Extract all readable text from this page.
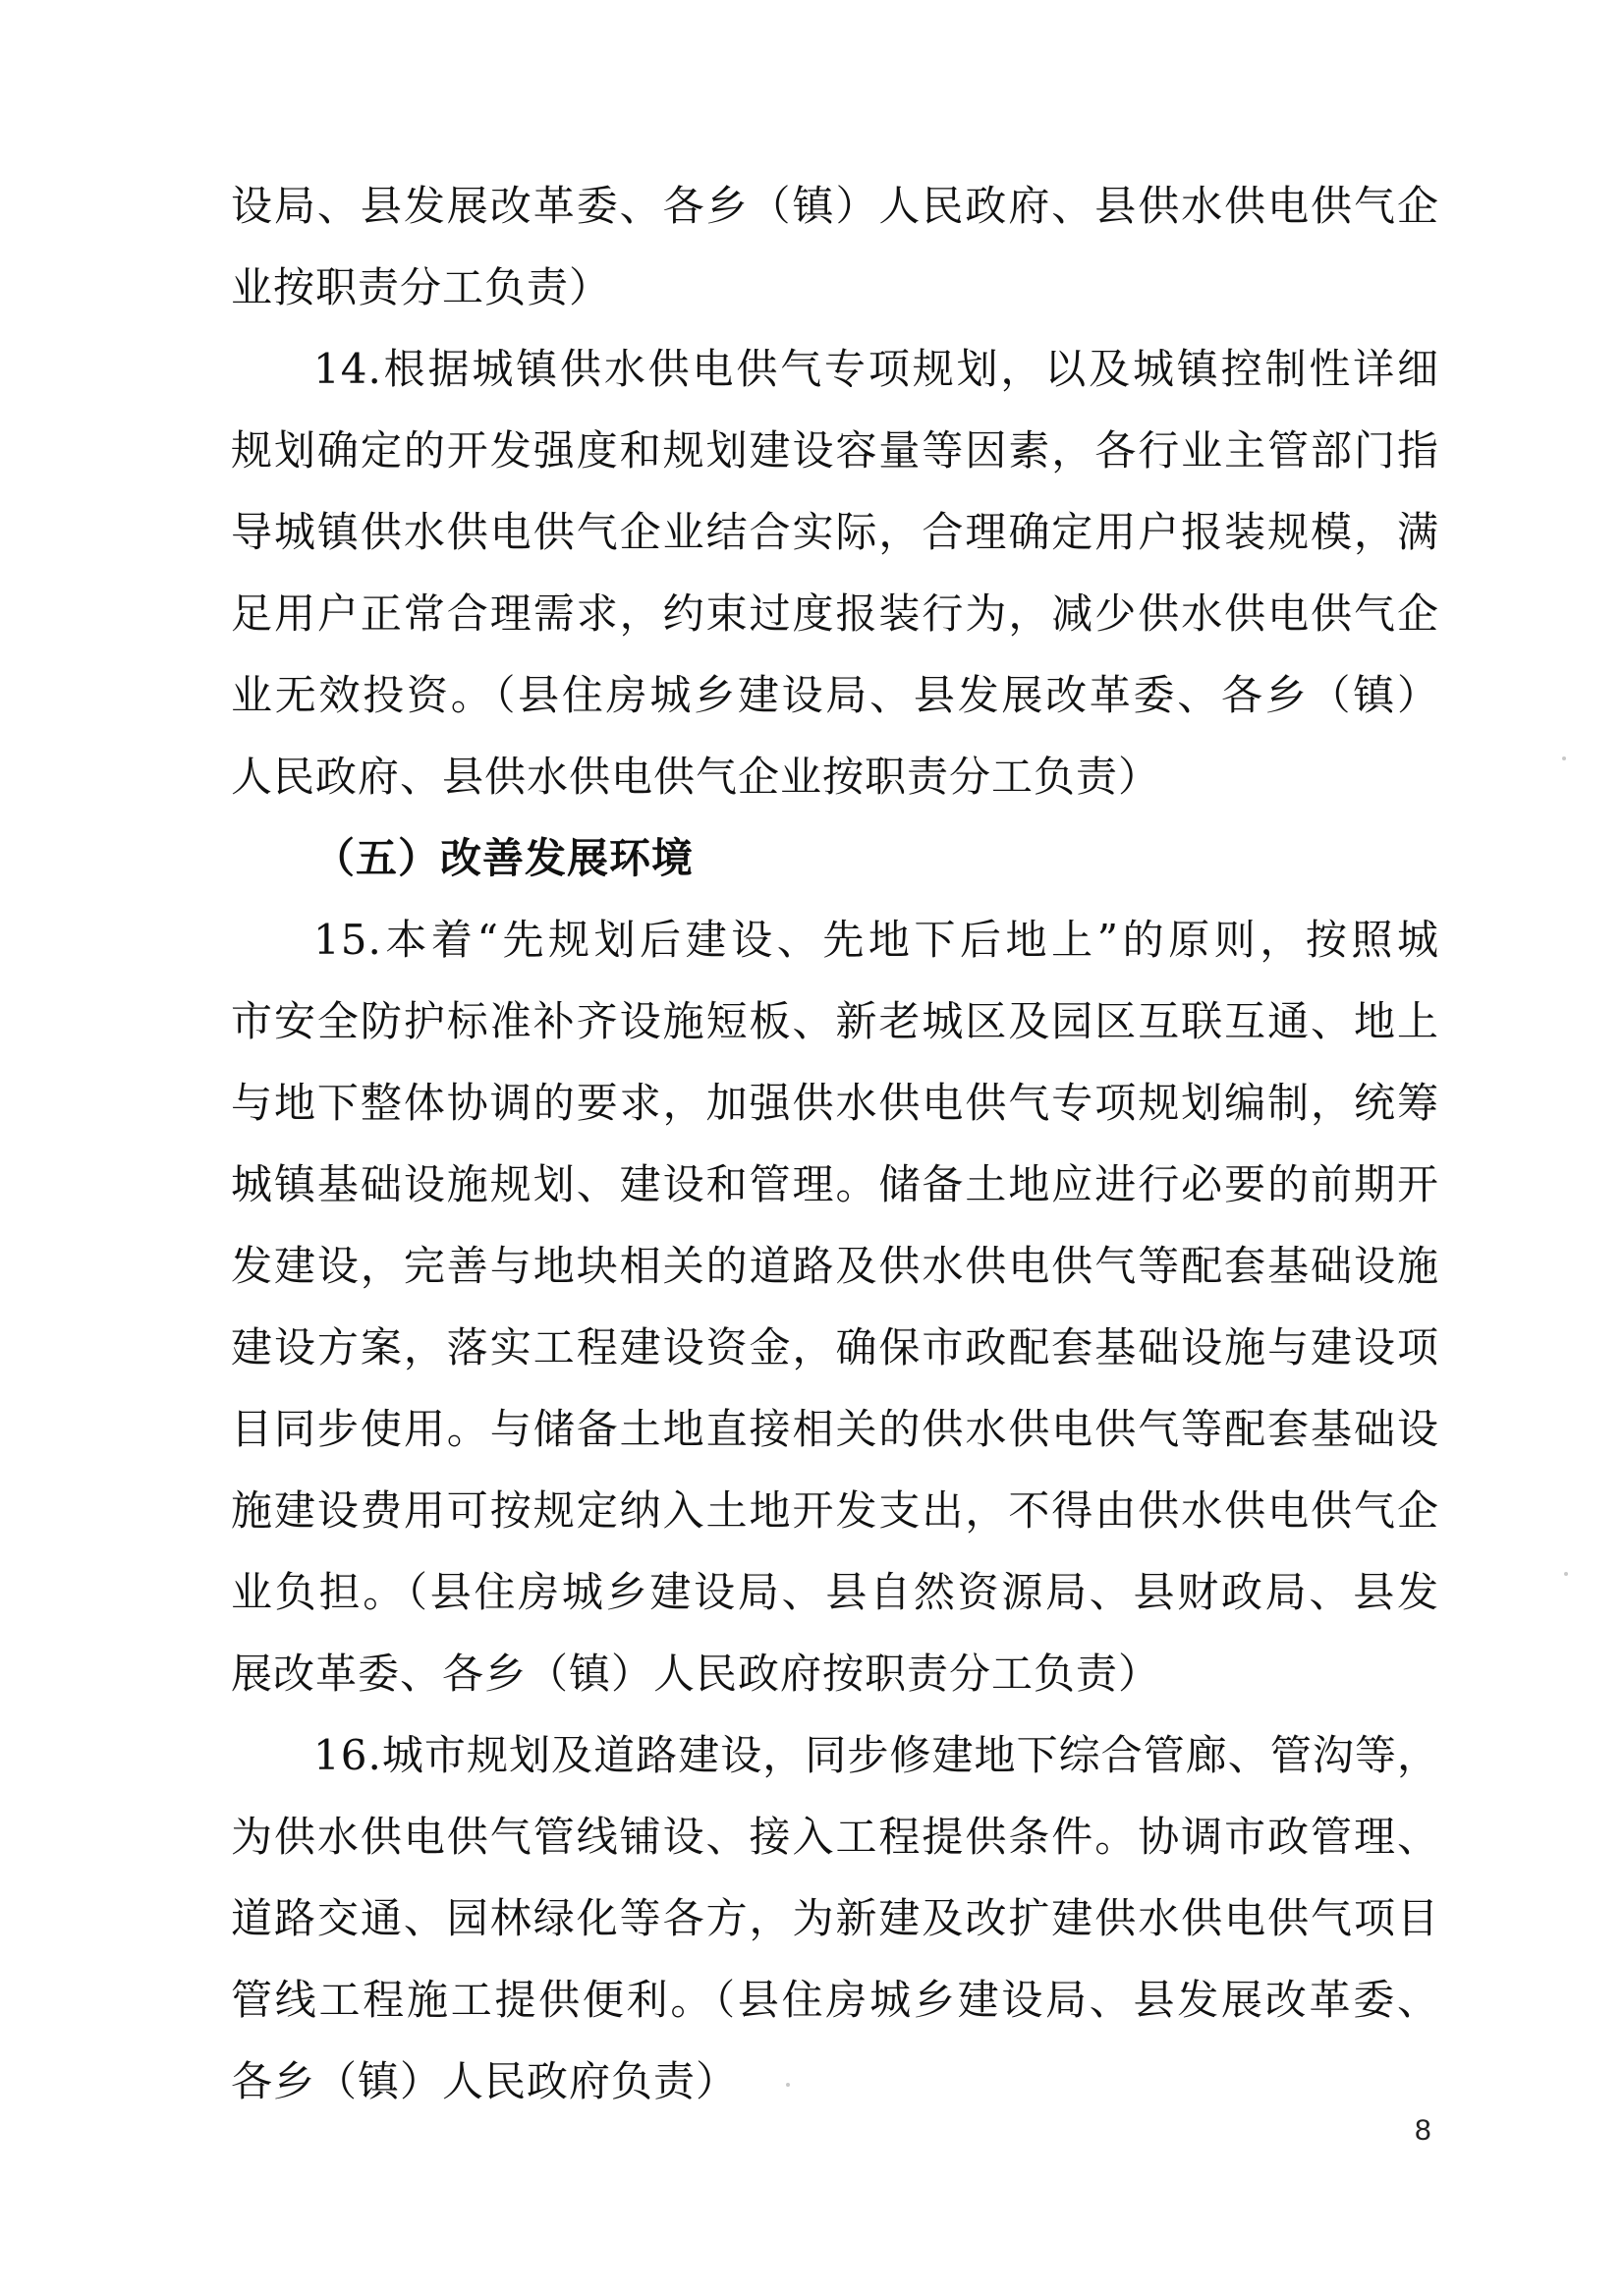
设局、县发展改革委、各乡（镇）人民政府、县供水供电供气企
业按职责分工负责）
14.根据城镇供水供电供气专项规划，以及城镇控制性详细
规划确定的开发强度和规划建设容量等因素，各行业主管部门指
导城镇供水供电供气企业结合实际，合理确定用户报装规模，满
足用户正常合理需求，约束过度报装行为，减少供水供电供气企
业无效投资。（县住房城乡建设局、县发展改革委、各乡（镇）
人民政府、县供水供电供气企业按职责分工负责）
（五）改善发展环境
15.本着“先规划后建设、先地下后地上”的原则，按照城
市安全防护标准补齐设施短板、新老城区及园区互联互通、地上
与地下整体协调的要求，加强供水供电供气专项规划编制，统筹
城镇基础设施规划、建设和管理。储备土地应进行必要的前期开
发建设，完善与地块相关的道路及供水供电供气等配套基础设施
建设方案，落实工程建设资金，确保市政配套基础设施与建设项
目同步使用。与储备土地直接相关的供水供电供气等配套基础设
施建设费用可按规定纳入土地开发支出，不得由供水供电供气企
业负担。（县住房城乡建设局、县自然资源局、县财政局、县发
展改革委、各乡（镇）人民政府按职责分工负责）
16.城市规划及道路建设，同步修建地下综合管廊、管沟等，
为供水供电供气管线铺设、接入工程提供条件。协调市政管理、
道路交通、园林绿化等各方，为新建及改扩建供水供电供气项目
管线工程施工提供便利。（县住房城乡建设局、县发展改革委、
各乡（镇）人民政府负责）
8
